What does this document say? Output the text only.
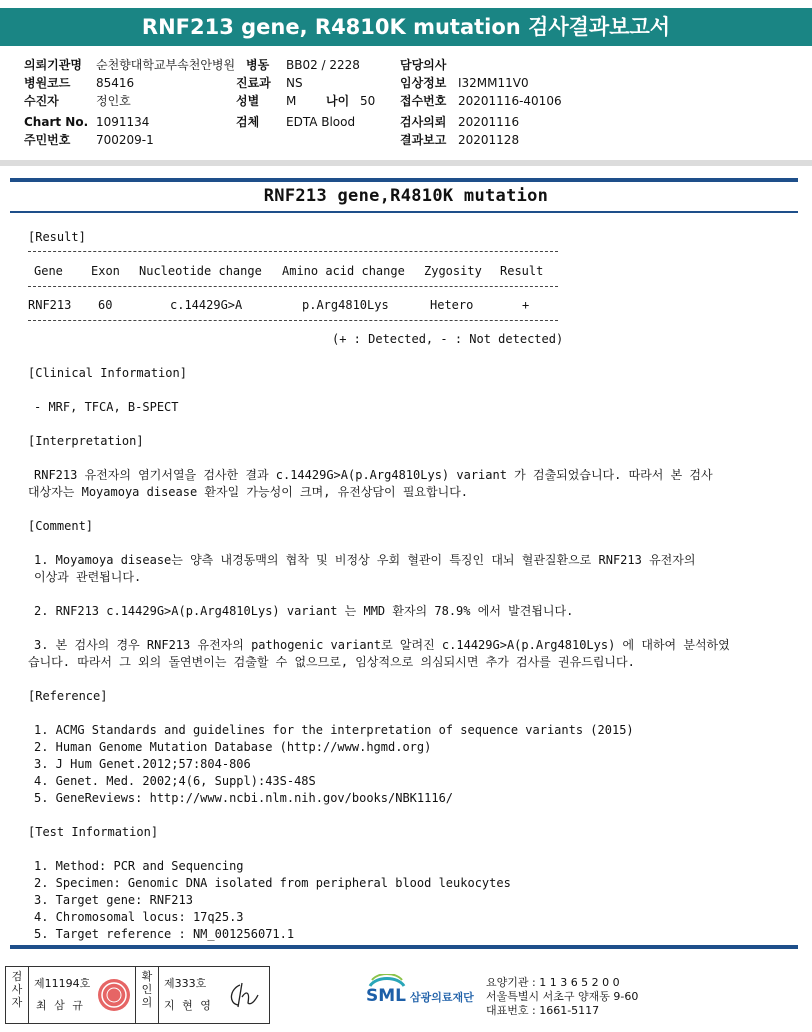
RNF213 gene, R4810K mutation 검사결과보고서
의뢰기관명 순천향대학교부속천안병원 병동 BB02 / 2228	담당의사
병원코드 85416	진료과 NS	임상정보 I32MM11V0
수진자	정인호	성별 M 나이 50 접수번호 20201116-40106
Chart No. 1091134	검체 EDTA Blood	검사의뢰 20201116
주민번호 700209-1	결과보고 20201128
RNF213 gene,R4810K mutation
[Result]
Gene Exon Nucleotide change Amino acid change Zygosity Result
RNF213 60	c.14429G>A	p.Arg4810Lys	Hetero	+
(+ : Detected, - : Not detected)
[Clinical Information]
- MRF, TFCA, B-SPECT
[Interpretation]
RNF213 유전자의 염기서열을 검사한 결과 c.14429G>A(p.Arg4810Lys) variant 가 검출되었습니다. 따라서 본 검사
대상자는 Moyamoya disease 환자일 가능성이 크며, 유전상담이 필요합니다.
[Comment]
1. Moyamoya disease는 양측 내경동맥의 협착 및 비정상 우회 혈관이 특징인 대뇌 혈관질환으로 RNF213 유전자의
이상과 관련됩니다.
2. RNF213 c.14429G>A(p.Arg4810Lys) variant 는 MMD 환자의 78.9% 에서 발견됩니다.
3. 본 검사의 경우 RNF213 유전자의 pathogenic variant로 알려진 c.14429G>A(p.Arg4810Lys) 에 대하여 분석하였
습니다. 따라서 그 외의 돌연변이는 검출할 수 없으므로, 임상적으로 의심되시면 추가 검사를 권유드립니다.
[Reference]
1. ACMG Standards and guidelines for the interpretation of sequence variants (2015)
2. Human Genome Mutation Database (http://www.hgmd.org)
3. J Hum Genet.2012;57:804-806
4. Genet. Med. 2002;4(6, Suppl):43S-48S
5. GeneReviews: http://www.ncbi.nlm.nih.gov/books/NBK1116/
[Test Information]
1. Method: PCR and Sequencing
2. Specimen: Genomic DNA isolated from peripheral blood leukocytes
3. Target gene: RNF213
4. Chromosomal locus: 17q25.3
5. Target reference : NM_001256071.1
검사자
제11194호
최 삼 규
확인의
제333호
지 현 영	SML 삼광의료재단
요양기관 : 1 1 3 6 5 2 0 0
서울특별시 서초구 양재동 9-60
대표번호 : 1661-5117
